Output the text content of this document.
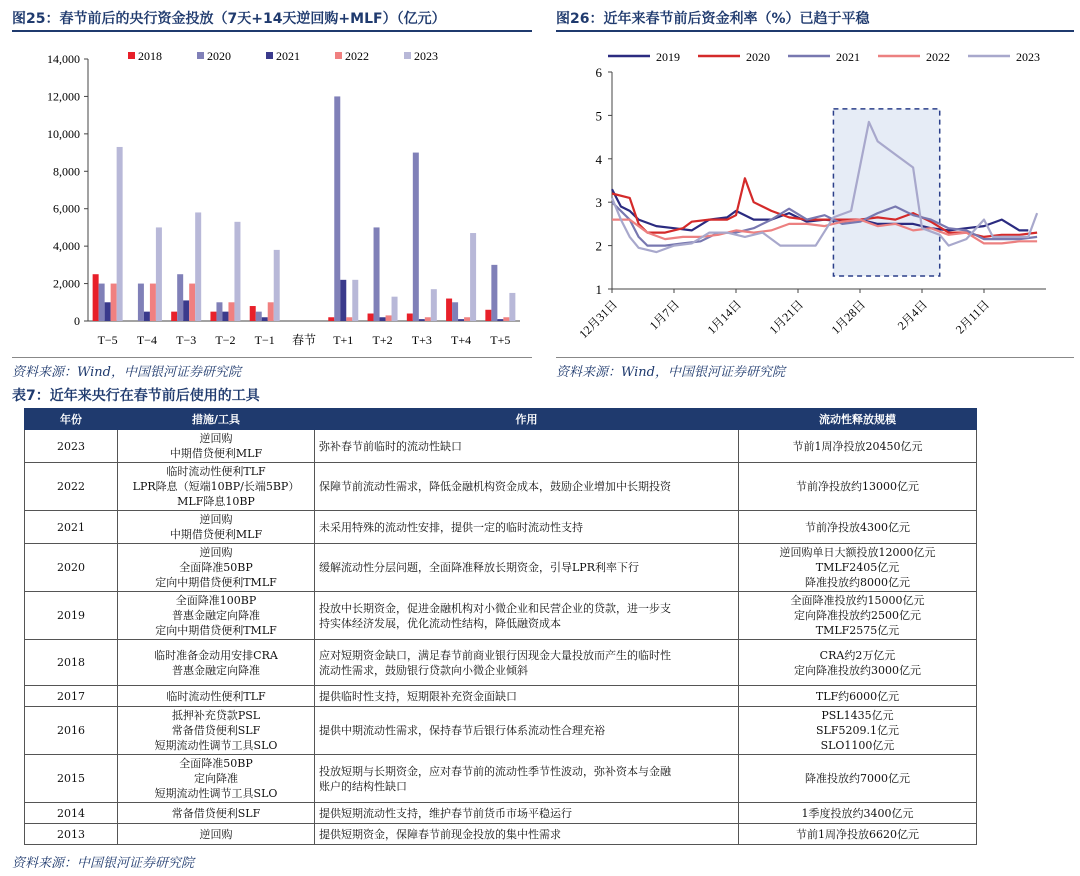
图25：春节前后的央行资金投放（7天+14天逆回购+MLF）（亿元）
0
2,000
4,000
6,000
8,000
10,000
12,000
14,000
T−5 T−4 T−3 T−2 T−1 春节 T+1 T+2 T+3 T+4 T+5
2018	2020	2021	2022	2023
资料来源：Wind，中国银河证券研究院
图26：近年来春节前后资金利率（%）已趋于平稳
2019	2020	2021	2022	2023
1
2
3
4
5
6
12月31日 1月7日 1月14日 1月21日 1月28日 2月4日 2月11日
资料来源：Wind，中国银河证券研究院
表7：近年来央行在春节前后使用的工具
年份	措施/工具	作用	流动性释放规模
2023	逆回购
中期借贷便利MLF	弥补春节前临时的流动性缺口	节前1周净投放20450亿元

2022	临时流动性便利TLF
LPR降息（短端10BP/长端5BP）
MLF降息10BP	保障节前流动性需求，降低金融机构资金成本，鼓励企业增加中长期投资	节前净投放约13000亿元

2021	逆回购
中期借贷便利MLF	未采用特殊的流动性安排，提供一定的临时流动性支持	节前净投放4300亿元

2020	逆回购
全面降准50BP
定向中期借贷便利TMLF	缓解流动性分层问题，全面降准释放长期资金，引导LPR利率下行	逆回购单日大额投放12000亿元
TMLF2405亿元
降准投放约8000亿元

2019	全面降准100BP
普惠金融定向降准
定向中期借贷便利TMLF	投放中长期资金，促进金融机构对小微企业和民营企业的贷款，进一步支
持实体经济发展，优化流动性结构，降低融资成本	全面降准投放约15000亿元
定向降准投放约2500亿元
TMLF2575亿元

2018	临时准备金动用安排CRA
普惠金融定向降准	应对短期资金缺口，满足春节前商业银行因现金大量投放而产生的临时性
流动性需求，鼓励银行贷款向小微企业倾斜	CRA约2万亿元
定向降准投放约3000亿元

2017	临时流动性便利TLF	提供临时性支持，短期限补充资金面缺口	TLF约6000亿元

2016	抵押补充贷款PSL
常备借贷便利SLF
短期流动性调节工具SLO	提供中期流动性需求，保持春节后银行体系流动性合理充裕	PSL1435亿元
SLF5209.1亿元
SLO1100亿元

2015	全面降准50BP
定向降准
短期流动性调节工具SLO	投放短期与长期资金，应对春节前的流动性季节性波动，弥补资本与金融
账户的结构性缺口	降准投放约7000亿元

2014	常备借贷便利SLF	提供短期流动性支持，维护春节前货币市场平稳运行	1季度投放约3400亿元

2013	逆回购	提供短期资金，保障春节前现金投放的集中性需求	节前1周净投放6620亿元
资料来源：中国银河证券研究院
